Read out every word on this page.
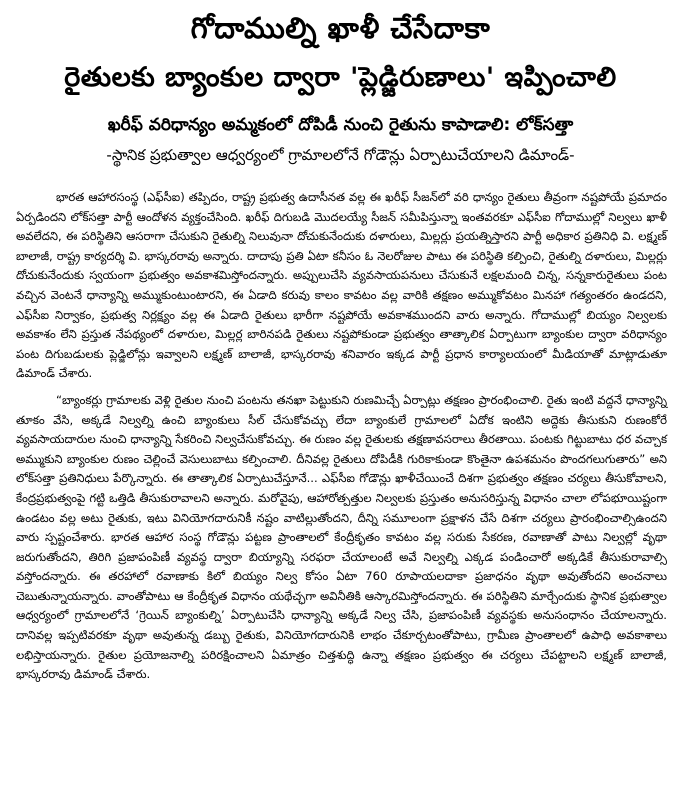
గోదాముల్ని ఖాళీ చేసేదాకా
రైతులకు బ్యాంకుల ద్వారా 'ప్లెడ్జిరుణాలు' ఇప్పించాలి
ఖరీఫ్ వరిధాన్యం అమ్మకంలో దోపిడీ నుంచి రైతును కాపాడాలి: లోక్‌సత్తా
-స్థానిక ప్రభుత్వాల ఆధ్వర్యంలో గ్రామాలలోనే గోడౌన్లు ఏర్పాటుచేయాలని డిమాండ్-

భారత ఆహారసంస్థ (ఎఫ్‌సీఐ) తప్పిదం, రాష్ట్ర ప్రభుత్వ ఉదాసీనత వల్ల ఈ ఖరీఫ్ సీజన్‌లో వరి ధాన్యం రైతులు తీవ్రంగా నష్టపోయే ప్రమాదం ఏర్పడిందని లోక్‌సత్తా పార్టీ ఆందోళన వ్యక్తంచేసింది. ఖరీఫ్ దిగుబడి మొదలయ్యే సీజన్ సమీపిస్తున్నా ఇంతవరకూ ఎఫ్‌సీఐ గోదాముల్లో నిల్వలు ఖాళీ అవలేదని, ఈ పరిస్థితిని ఆసరాగా చేసుకుని రైతుల్ని నిలువునా దోచుకునేందుకు దళారులు, మిల్లర్లు ప్రయత్నిస్తారని పార్టీ అధికార ప్రతినిధి వి. లక్ష్మణ్ బాలాజీ, రాష్ట్ర కార్యదర్శి వి. భాస్కరరావు అన్నారు. దాదాపు ప్రతి ఏటా కనీసం ఓ నెలరోజుల పాటు ఈ పరిస్థితి కల్పించి, రైతుల్ని దళారులు, మిల్లర్లు దోచుకునేందుకు స్వయంగా ప్రభుత్వం అవకాశమిస్తోందన్నారు. అప్పులుచేసి వ్యవసాయపనులు చేసుకునే లక్షలమంది చిన్న, సన్నకారురైతులు పంట వచ్చిన వెంటనే ధాన్యాన్ని అమ్ముకుంటుంటారని, ఈ ఏడాది కరువు కాలం కావటం వల్ల వారికి తక్షణం అమ్ముకోవటం మినహా గత్యంతరం ఉండదని, ఎఫ్‌సీఐ నిర్వాకం, ప్రభుత్వ నిర్లక్ష్యం వల్ల ఈ ఏడాది రైతులు భారీగా నష్టపోయే అవకాశముందని వారు అన్నారు. గోదాముల్లో బియ్యం నిల్వలకు అవకాశం లేని ప్రస్తుత నేపథ్యంలో దళారుల, మిల్లర్ల బారినపడి రైతులు నష్టపోకుండా ప్రభుత్వం తాత్కాలిక ఏర్పాటుగా బ్యాంకుల ద్వారా వరిధాన్యం పంట దిగుబడులకు ప్లెడ్జిలోన్లు ఇవ్వాలని లక్ష్మణ్ బాలాజీ, భాస్కరరావు శనివారం ఇక్కడ పార్టీ ప్రధాన కార్యాలయంలో మీడియాతో మాట్లాడుతూ డిమాండ్ చేశారు.

“బ్యాంకర్లు గ్రామాలకు వెళ్లి రైతుల నుంచి పంటను తనఖా పెట్టుకుని రుణమిచ్చే ఏర్పాట్లు తక్షణం ప్రారంభించాలి. రైతు ఇంటి వద్దనే ధాన్యాన్ని తూకం వేసి, అక్కడే నిల్వల్ని ఉంచి బ్యాంకులు సీల్ చేసుకోవచ్చు లేదా బ్యాంకులే గ్రామాలలో ఏదోక ఇంటిని అద్దెకు తీసుకుని రుణంకోరే వ్యవసాయదారుల నుంచి ధాన్యాన్ని సేకరించి నిల్వచేసుకోవచ్చు. ఈ రుణం వల్ల రైతులకు తక్షణావసరాలు తీరతాయి. పంటకు గిట్టుబాటు ధర వచ్చాక అమ్ముకుని బ్యాంకుల రుణం చెల్లించే వెసులుబాటు కల్పించాలి. దీనివల్ల రైతులు దోపిడీకి గురికాకుండా కొంతైనా ఉపశమనం పొందగలుగుతారు” అని లోక్‌సత్తా ప్రతినిధులు పేర్కొన్నారు. ఈ తాత్కాలిక ఏర్పాటుచేస్తూనే... ఎఫ్‌సీఐ గోడౌన్లు ఖాళీచేయించే దిశగా ప్రభుత్వం తక్షణం చర్యలు తీసుకోవాలని, కేంద్రప్రభుత్వంపై గట్టి ఒత్తిడి తీసుకురావాలని అన్నారు. మరోవైపు, ఆహారోత్పత్తుల నిల్వలకు ప్రస్తుతం అనుసరిస్తున్న విధానం చాలా లోపభూయిష్టంగా ఉండటం వల్ల అటు రైతుకు, ఇటు వినియోగదారునికీ నష్టం వాటిల్లుతోందని, దీన్ని సమూలంగా ప్రక్షాళన చేసే దిశగా చర్యలు ప్రారంభించాల్సిఉందని వారు స్పష్టంచేశారు. భారత ఆహార సంస్థ గోడౌన్లు పట్టణ ప్రాంతాలలో కేంద్రీకృతం కావటం వల్ల సరుకు సేకరణ, రవాణాతో పాటు నిల్వల్లో వృథా జరుగుతోందని, తిరిగి ప్రజాపంపిణీ వ్యవస్థ ద్వారా బియ్యాన్ని సరఫరా చేయాలంటే అవే నిల్వల్ని ఎక్కడ పండించారో అక్కడికే తీసుకురావాల్సి వస్తోందన్నారు. ఈ తరహాలో రవాణాకు కిలో బియ్యం నిల్వ కోసం ఏటా 760 రూపాయలదాకా ప్రజాధనం వృథా అవుతోందని అంచనాలు చెబుతున్నాయన్నారు. వాంతోపాటు ఆ కేంద్రీకృత విధానం యథేచ్ఛగా అవినీతికి ఆస్కారమిస్తోందన్నారు. ఈ పరిస్థితిని మార్చేందుకు స్థానిక ప్రభుత్వాల ఆధ్వర్యంలో గ్రామాలలోనే ‘గ్రెయిన్ బ్యాంకుల్ని’ ఏర్పాటుచేసి ధాన్యాన్ని అక్కడే నిల్వ చేసి, ప్రజాపంపిణీ వ్యవస్థకు అనుసంధానం చేయాలన్నారు. దానివల్ల ఇప్పటివరకూ వృథా అవుతున్న డబ్బు రైతుకు, వినియోగదారునికి లాభం చేకూర్చటంతోపాటు, గ్రామీణ ప్రాంతాలలో ఉపాధి అవకాశాలు లభిస్తాయన్నారు. రైతుల ప్రయోజనాల్ని పరిరక్షించాలని ఏమాత్రం చిత్తశుద్ధి ఉన్నా తక్షణం ప్రభుత్వం ఈ చర్యలు చేపట్టాలని లక్ష్మణ్ బాలాజీ, భాస్కరరావు డిమాండ్ చేశారు.
